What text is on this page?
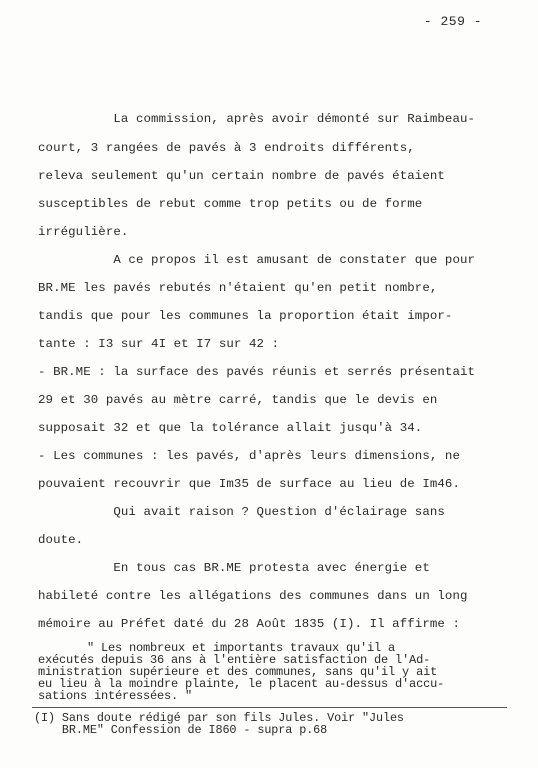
- 259 -
La commission, après avoir démonté sur Raimbeau-
court, 3 rangées de pavés à 3 endroits différents,
releva seulement qu'un certain nombre de pavés étaient
susceptibles de rebut comme trop petits ou de forme
irrégulière.
A ce propos il est amusant de constater que pour
BR.ME les pavés rebutés n'étaient qu'en petit nombre,
tandis que pour les communes la proportion était impor-
tante : I3 sur 4I et I7 sur 42 :
- BR.ME : la surface des pavés réunis et serrés présentait
29 et 30 pavés au mètre carré, tandis que le devis en
supposait 32 et que la tolérance allait jusqu'à 34.
- Les communes : les pavés, d'après leurs dimensions, ne
pouvaient recouvrir que Im35 de surface au lieu de Im46.
Qui avait raison ? Question d'éclairage sans
doute.
En tous cas BR.ME protesta avec énergie et
habileté contre les allégations des communes dans un long
mémoire au Préfet daté du 28 Août 1835 (I). Il affirme :
" Les nombreux et importants travaux qu'il a
exécutés depuis 36 ans à l'entière satisfaction de l'Ad-
ministration supérieure et des communes, sans qu'il y ait
eu lieu à la moindre plainte, le placent au-dessus d'accu-
sations intéressées. "
(I) Sans doute rédigé par son fils Jules. Voir "Jules
BR.ME" Confession de I860 - supra p.68
